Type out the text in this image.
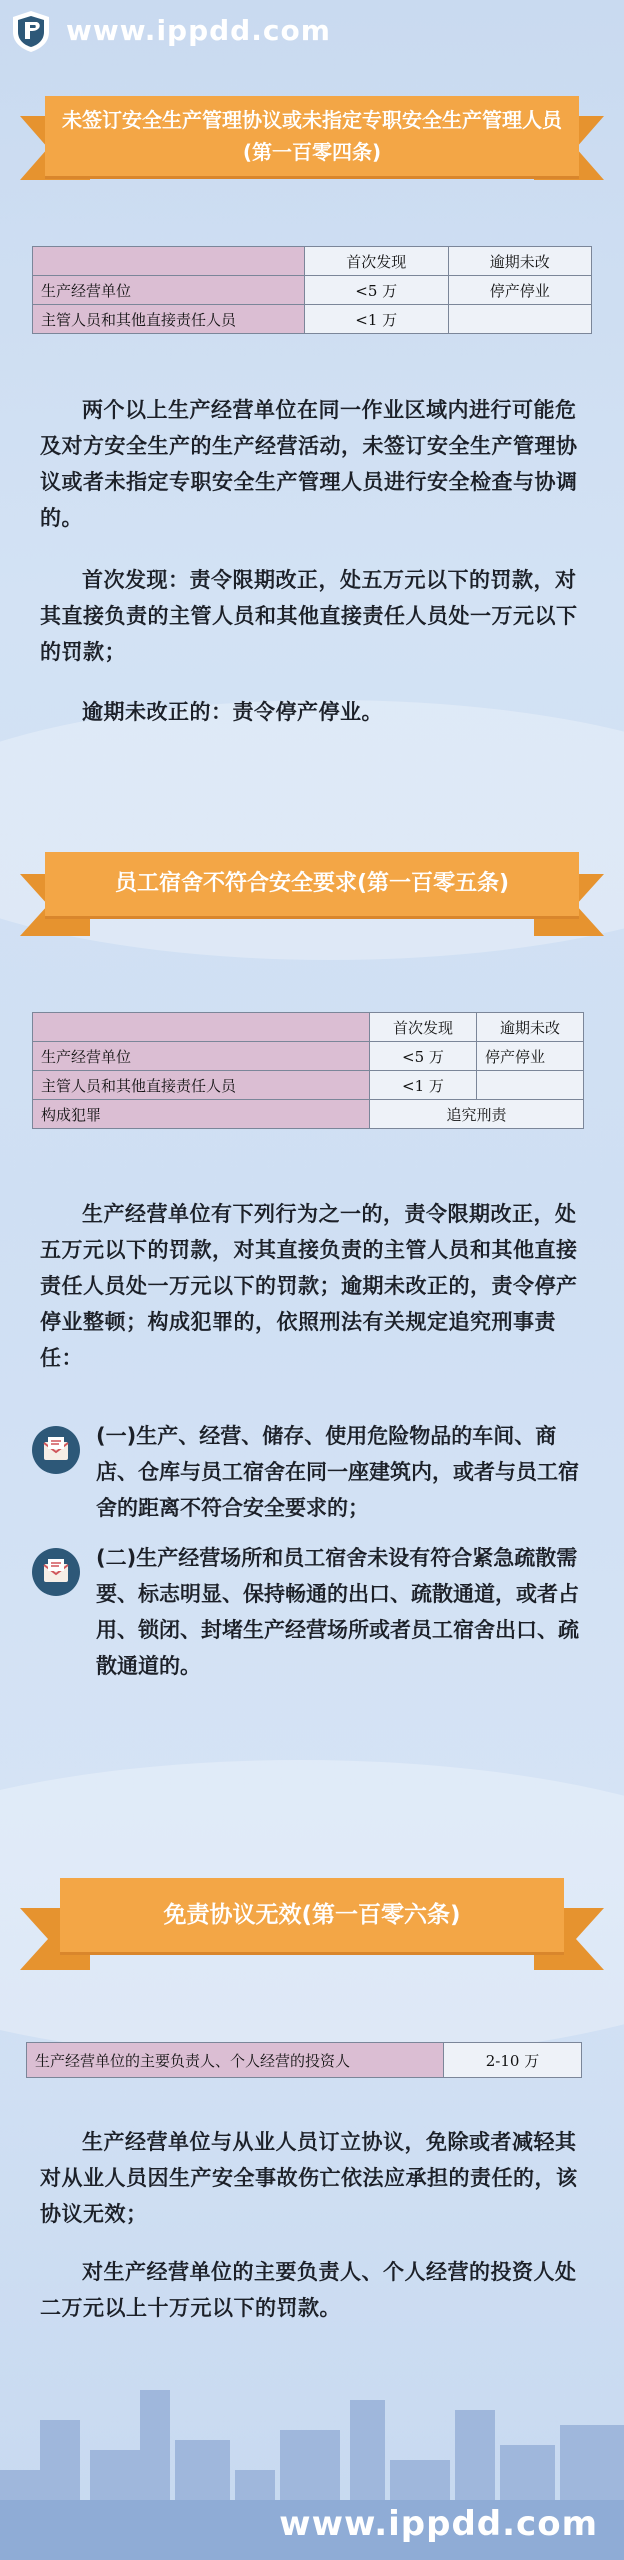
www.ippdd.com
未签订安全生产管理协议或未指定专职安全生产管理人员
(第一百零四条)
	首次发现	逾期未改
生产经营单位	<5 万	停产停业
主管人员和其他直接责任人员	<1 万	
两个以上生产经营单位在同一作业区域内进行可能危及对方安全生产的生产经营活动，未签订安全生产管理协议或者未指定专职安全生产管理人员进行安全检查与协调的。
首次发现：责令限期改正，处五万元以下的罚款，对其直接负责的主管人员和其他直接责任人员处一万元以下的罚款；
逾期未改正的：责令停产停业。
员工宿舍不符合安全要求(第一百零五条)
	首次发现	逾期未改
生产经营单位	<5 万	停产停业
主管人员和其他直接责任人员	<1 万	
构成犯罪	追究刑责	
生产经营单位有下列行为之一的，责令限期改正，处五万元以下的罚款，对其直接负责的主管人员和其他直接责任人员处一万元以下的罚款；逾期未改正的，责令停产停业整顿；构成犯罪的，依照刑法有关规定追究刑事责任：
(一)生产、经营、储存、使用危险物品的车间、商店、仓库与员工宿舍在同一座建筑内，或者与员工宿舍的距离不符合安全要求的；
(二)生产经营场所和员工宿舍未设有符合紧急疏散需要、标志明显、保持畅通的出口、疏散通道，或者占用、锁闭、封堵生产经营场所或者员工宿舍出口、疏散通道的。
免责协议无效(第一百零六条)
生产经营单位的主要负责人、个人经营的投资人	2-10 万
生产经营单位与从业人员订立协议，免除或者减轻其对从业人员因生产安全事故伤亡依法应承担的责任的，该协议无效；
对生产经营单位的主要负责人、个人经营的投资人处二万元以上十万元以下的罚款。
www.ippdd.com
